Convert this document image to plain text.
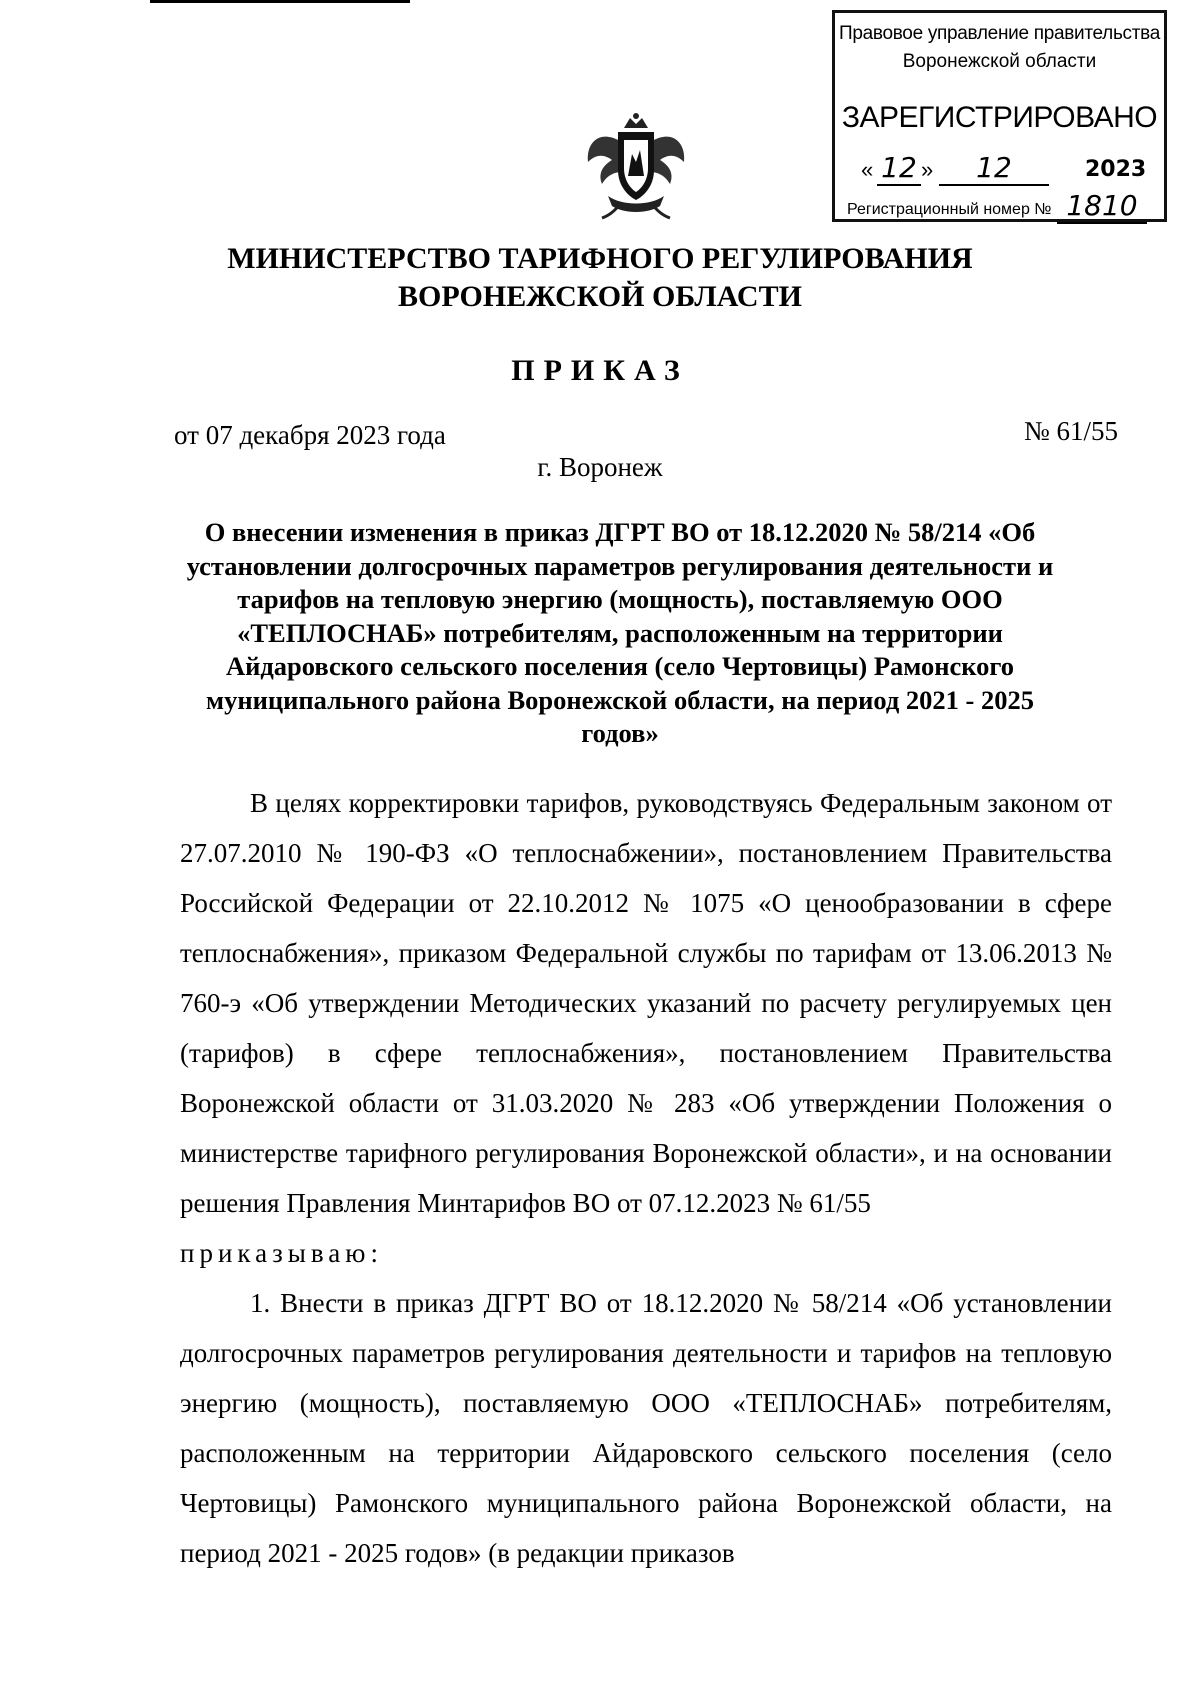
Правовое управление правительства
Воронежской области
ЗАРЕГИСТРИРОВАНО
« 12 »	12	2023
Регистрационный номер № 1810
МИНИСТЕРСТВО ТАРИФНОГО РЕГУЛИРОВАНИЯ
ВОРОНЕЖСКОЙ ОБЛАСТИ
ПРИКАЗ
от 07 декабря 2023 года	№ 61/55
г. Воронеж
О внесении изменения в приказ ДГРТ ВО от 18.12.2020 № 58/214 «Об установлении долгосрочных параметров регулирования деятельности и тарифов на тепловую энергию (мощность), поставляемую ООО «ТЕПЛОСНАБ» потребителям, расположенным на территории Айдаровского сельского поселения (село Чертовицы) Рамонского муниципального района Воронежской области, на период 2021 - 2025 годов»

В целях корректировки тарифов, руководствуясь Федеральным законом от 27.07.2010 № 190-ФЗ «О теплоснабжении», постановлением Правительства Российской Федерации от 22.10.2012 № 1075 «О ценообразовании в сфере теплоснабжения», приказом Федеральной службы по тарифам от 13.06.2013 № 760-э «Об утверждении Методических указаний по расчету регулируемых цен (тарифов) в сфере теплоснабжения», постановлением Правительства Воронежской области от 31.03.2020 № 283 «Об утверждении Положения о министерстве тарифного регулирования Воронежской области», и на основании решения Правления Минтарифов ВО от 07.12.2023 № 61/55

приказываю:

1. Внести в приказ ДГРТ ВО от 18.12.2020 № 58/214 «Об установлении долгосрочных параметров регулирования деятельности и тарифов на тепловую энергию (мощность), поставляемую ООО «ТЕПЛОСНАБ» потребителям, расположенным на территории Айдаровского сельского поселения (село Чертовицы) Рамонского муниципального района Воронежской области, на период 2021 - 2025 годов» (в редакции приказов
